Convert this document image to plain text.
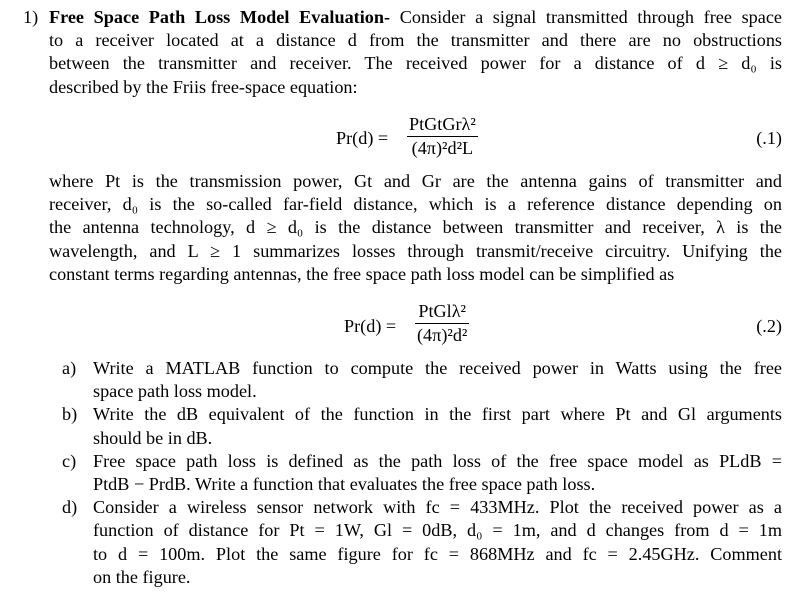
1) Free Space Path Loss Model Evaluation- Consider a signal transmitted through free space
to a receiver located at a distance d from the transmitter and there are no obstructions
between the transmitter and receiver. The received power for a distance of d ≥ d₀ is
described by the Friis free-space equation:
Pr(d) =
PtGtGrλ²
(4π)²d²L
(.1)
where Pt is the transmission power, Gt and Gr are the antenna gains of transmitter and
receiver, d₀ is the so-called far-field distance, which is a reference distance depending on
the antenna technology, d ≥ d₀ is the distance between transmitter and receiver, λ is the
wavelength, and L ≥ 1 summarizes losses through transmit/receive circuitry. Unifying the
constant terms regarding antennas, the free space path loss model can be simplified as
Pr(d) =
PtGlλ²
(4π)²d²	(.2)
a) Write a MATLAB function to compute the received power in Watts using the free
space path loss model.
b) Write the dB equivalent of the function in the first part where Pt and Gl arguments
should be in dB.
c) Free space path loss is defined as the path loss of the free space model as PLdB =
PtdB − PrdB. Write a function that evaluates the free space path loss.
d) Consider a wireless sensor network with fc = 433MHz. Plot the received power as a
function of distance for Pt = 1W, Gl = 0dB, d₀ = 1m, and d changes from d = 1m
to d = 100m. Plot the same figure for fc = 868MHz and fc = 2.45GHz. Comment
on the figure.
